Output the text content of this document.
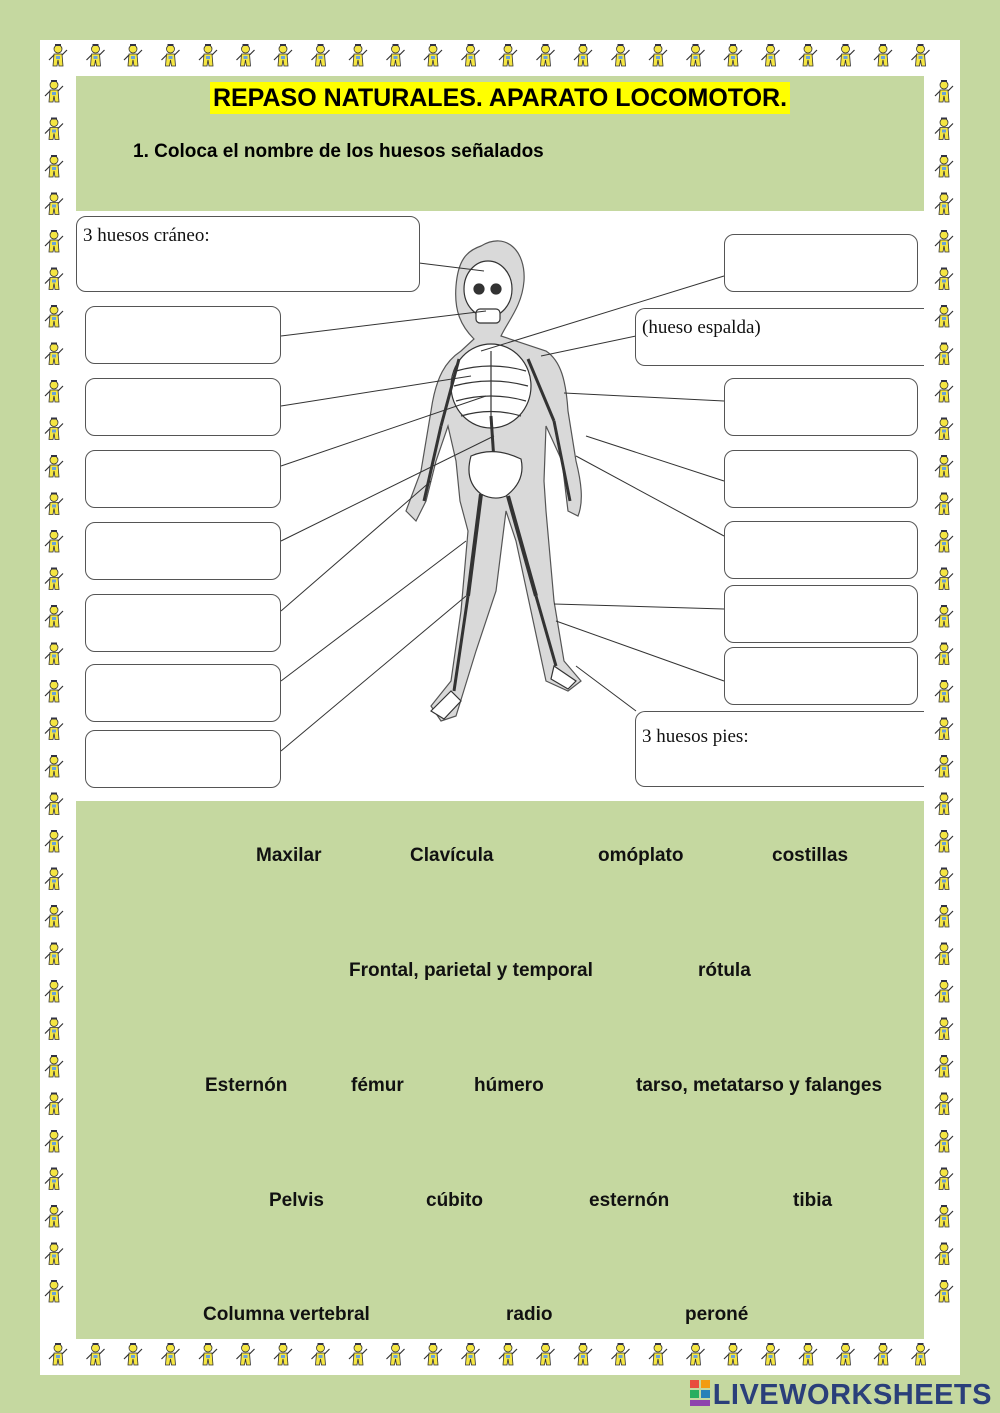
REPASO NATURALES. APARATO LOCOMOTOR.
1. Coloca el nombre de los huesos señalados
3 huesos cráneo:
(hueso espalda)
3 huesos pies:
Maxilar	Clavícula	omóplato	costillas
Frontal, parietal y temporal	rótula
Esternón	fémur	húmero	tarso, metatarso y falanges
Pelvis	cúbito	esternón	tibia
Columna vertebral	radio	peroné
LIVEWORKSHEETS
